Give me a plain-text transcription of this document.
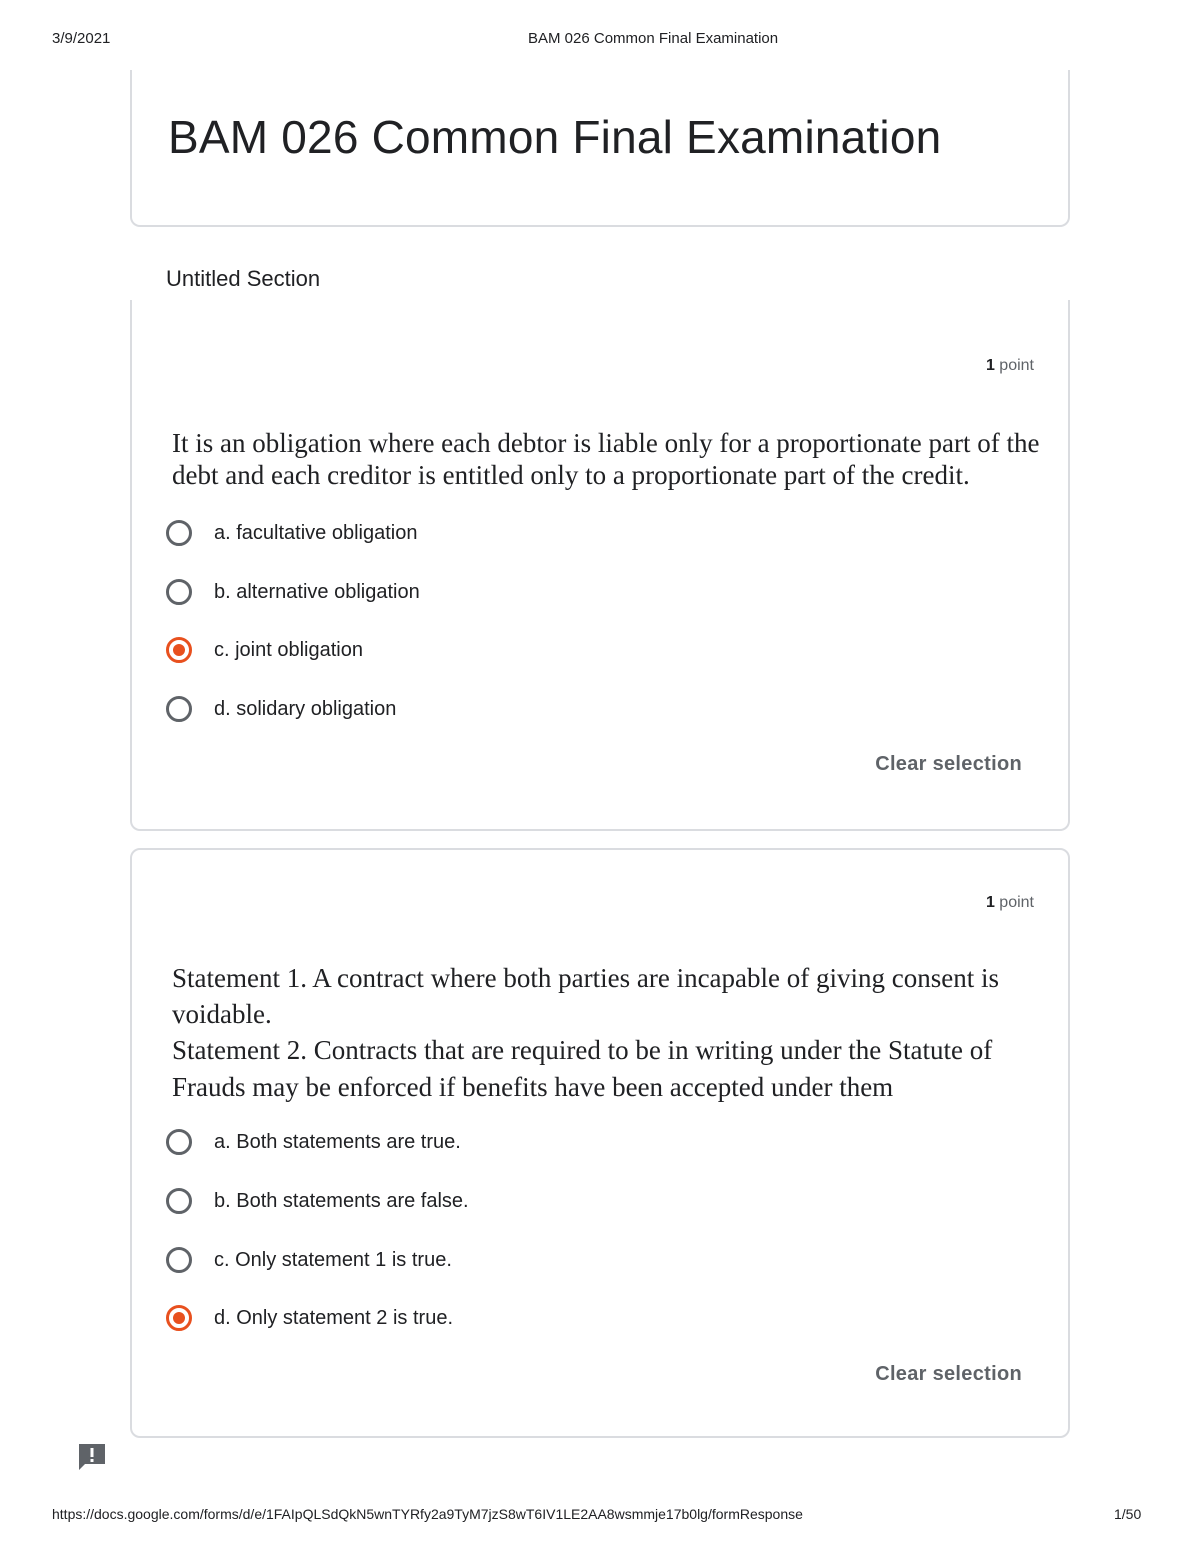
3/9/2021	BAM 026 Common Final Examination
BAM 026 Common Final Examination
Untitled Section
1 point

It is an obligation where each debtor is liable only for a proportionate part of the debt and each creditor is entitled only to a proportionate part of the credit.

a. facultative obligation
b. alternative obligation
c. joint obligation
d. solidary obligation
Clear selection
1 point
Statement 1. A contract where both parties are incapable of giving consent is voidable.
Statement 2. Contracts that are required to be in writing under the Statute of Frauds may be enforced if benefits have been accepted under them
a. Both statements are true.
b. Both statements are false.
c. Only statement 1 is true.
d. Only statement 2 is true.
Clear selection
https://docs.google.com/forms/d/e/1FAIpQLSdQkN5wnTYRfy2a9TyM7jzS8wT6IV1LE2AA8wsmmje17b0lg/formResponse	1/50
